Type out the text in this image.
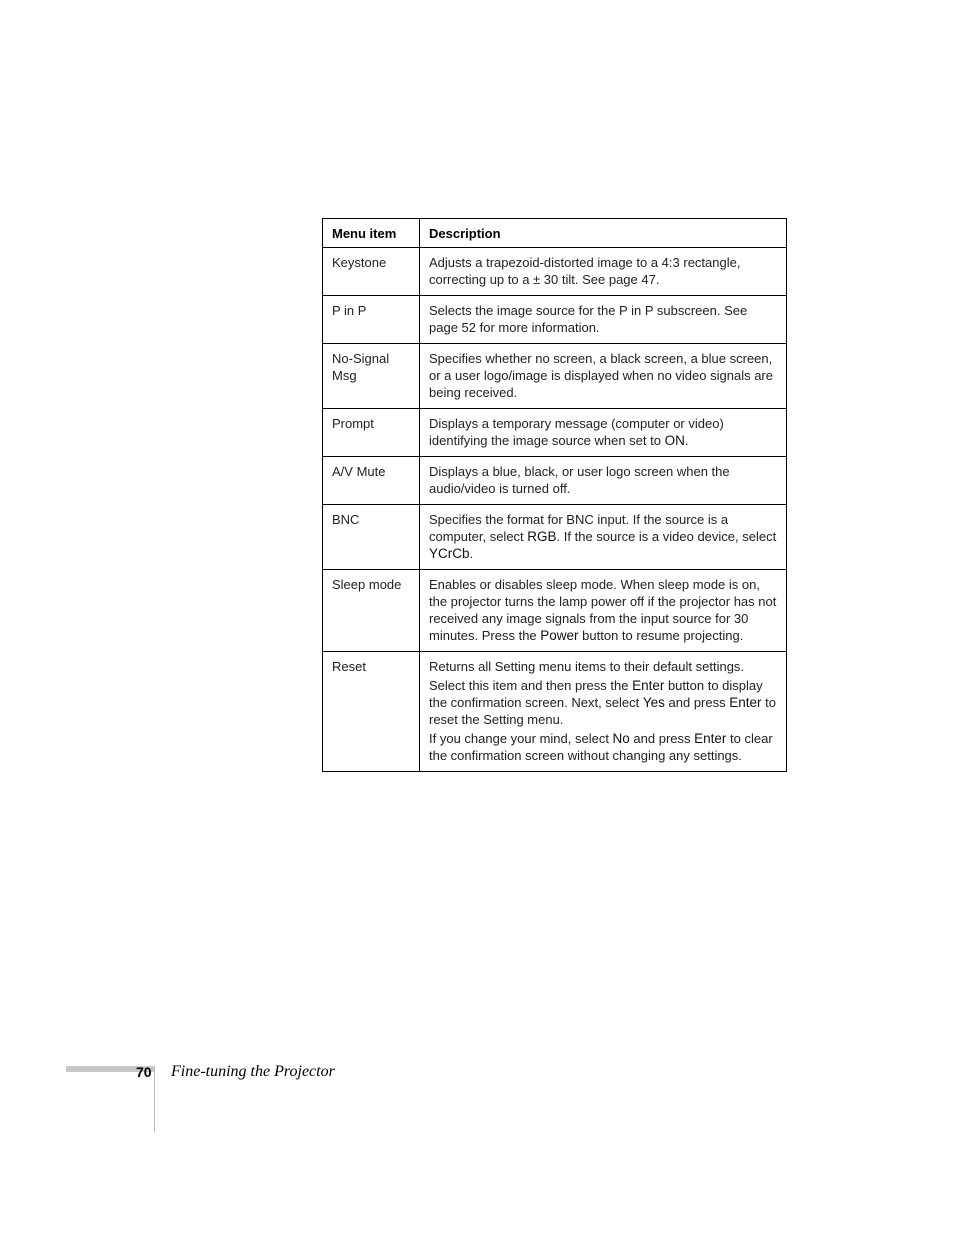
Menu item	Description
Keystone	Adjusts a trapezoid-distorted image to a 4:3 rectangle, correcting up to a ± 30 tilt. See page 47.

P in P	Selects the image source for the P in P subscreen. See page 52 for more information.

No-Signal Msg	Specifies whether no screen, a black screen, a blue screen, or a user logo/image is displayed when no video signals are being received.

Prompt	Displays a temporary message (computer or video) identifying the image source when set to ON.

A/V Mute	Displays a blue, black, or user logo screen when the audio/video is turned off.

BNC	Specifies the format for BNC input. If the source is a computer, select RGB. If the source is a video device, select YCrCb.

Sleep mode	Enables or disables sleep mode. When sleep mode is on, the projector turns the lamp power off if the projector has not received any image signals from the input source for 30 minutes. Press the Power button to resume projecting.

Reset	Returns all Setting menu items to their default settings.

Select this item and then press the Enter button to display the confirmation screen. Next, select Yes and press Enter to reset the Setting menu.

If you change your mind, select No and press Enter to clear the confirmation screen without changing any settings.

70 Fine-tuning the Projector
